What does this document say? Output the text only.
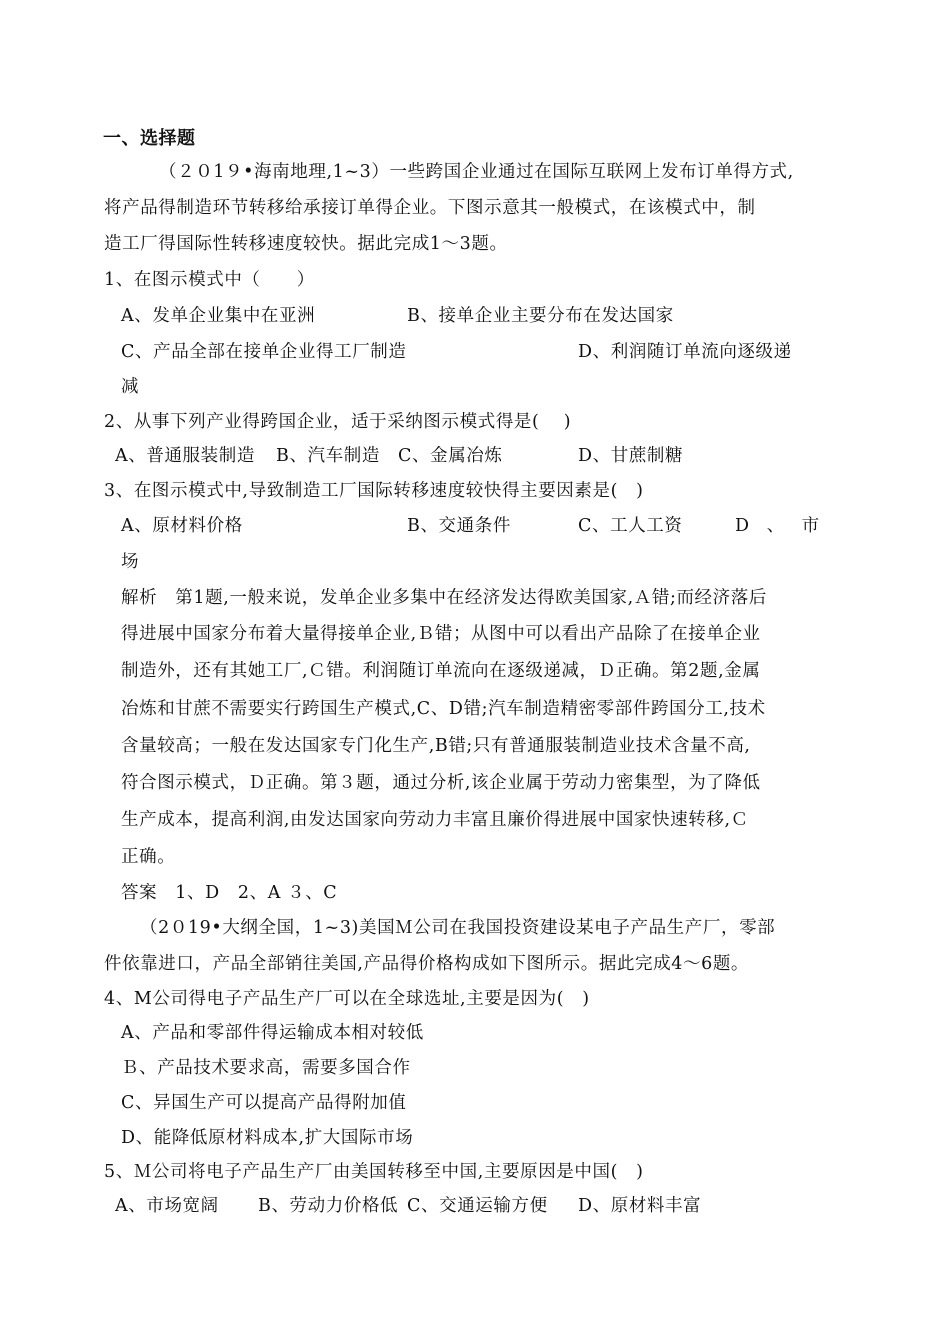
一、选择题
（２０1９•海南地理,1~3）一些跨国企业通过在国际互联网上发布订单得方式,
将产品得制造环节转移给承接订单得企业。下图示意其一般模式，在该模式中，制
造工厂得国际性转移速度较快。据此完成1～3题。
1、在图示模式中（　　）
A、发单企业集中在亚洲	B、接单企业主要分布在发达国家
C、产品全部在接单企业得工厂制造	D、利润随订单流向逐级递
减
2、从事下列产业得跨国企业，适于采纳图示模式得是(　 )
A、普通服装制造 B、汽车制造 C、金属冶炼	D、甘蔗制糖
3、在图示模式中,导致制造工厂国际转移速度较快得主要因素是(　)
A、原材料价格	B、交通条件	C、工人工资	D 、 市
场
解析　第1题,一般来说，发单企业多集中在经济发达得欧美国家,Ａ错;而经济落后
得进展中国家分布着大量得接单企业,Ｂ错；从图中可以看出产品除了在接单企业
制造外，还有其她工厂,Ｃ错。利润随订单流向在逐级递减，Ｄ正确。第2题,金属
冶炼和甘蔗不需要实行跨国生产模式,C、D错;汽车制造精密零部件跨国分工,技术
含量较高；一般在发达国家专门化生产,B错;只有普通服装制造业技术含量不高,
符合图示模式，Ｄ正确。第３题，通过分析,该企业属于劳动力密集型，为了降低
生产成本，提高利润,由发达国家向劳动力丰富且廉价得进展中国家快速转移,Ｃ
正确。
答案　1、D　2、A ３、C
（2０19•大纲全国，1~3)美国Ｍ公司在我国投资建设某电子产品生产厂，零部
件依靠进口，产品全部销往美国,产品得价格构成如下图所示。据此完成4～6题。
4、M公司得电子产品生产厂可以在全球选址,主要是因为(　)
A、产品和零部件得运输成本相对较低
Ｂ、产品技术要求高，需要多国合作
C、异国生产可以提高产品得附加值
D、能降低原材料成本,扩大国际市场
5、Ｍ公司将电子产品生产厂由美国转移至中国,主要原因是中国(　)
A、市场宽阔 B、劳动力价格低 C、交通运输方便 D、原材料丰富
